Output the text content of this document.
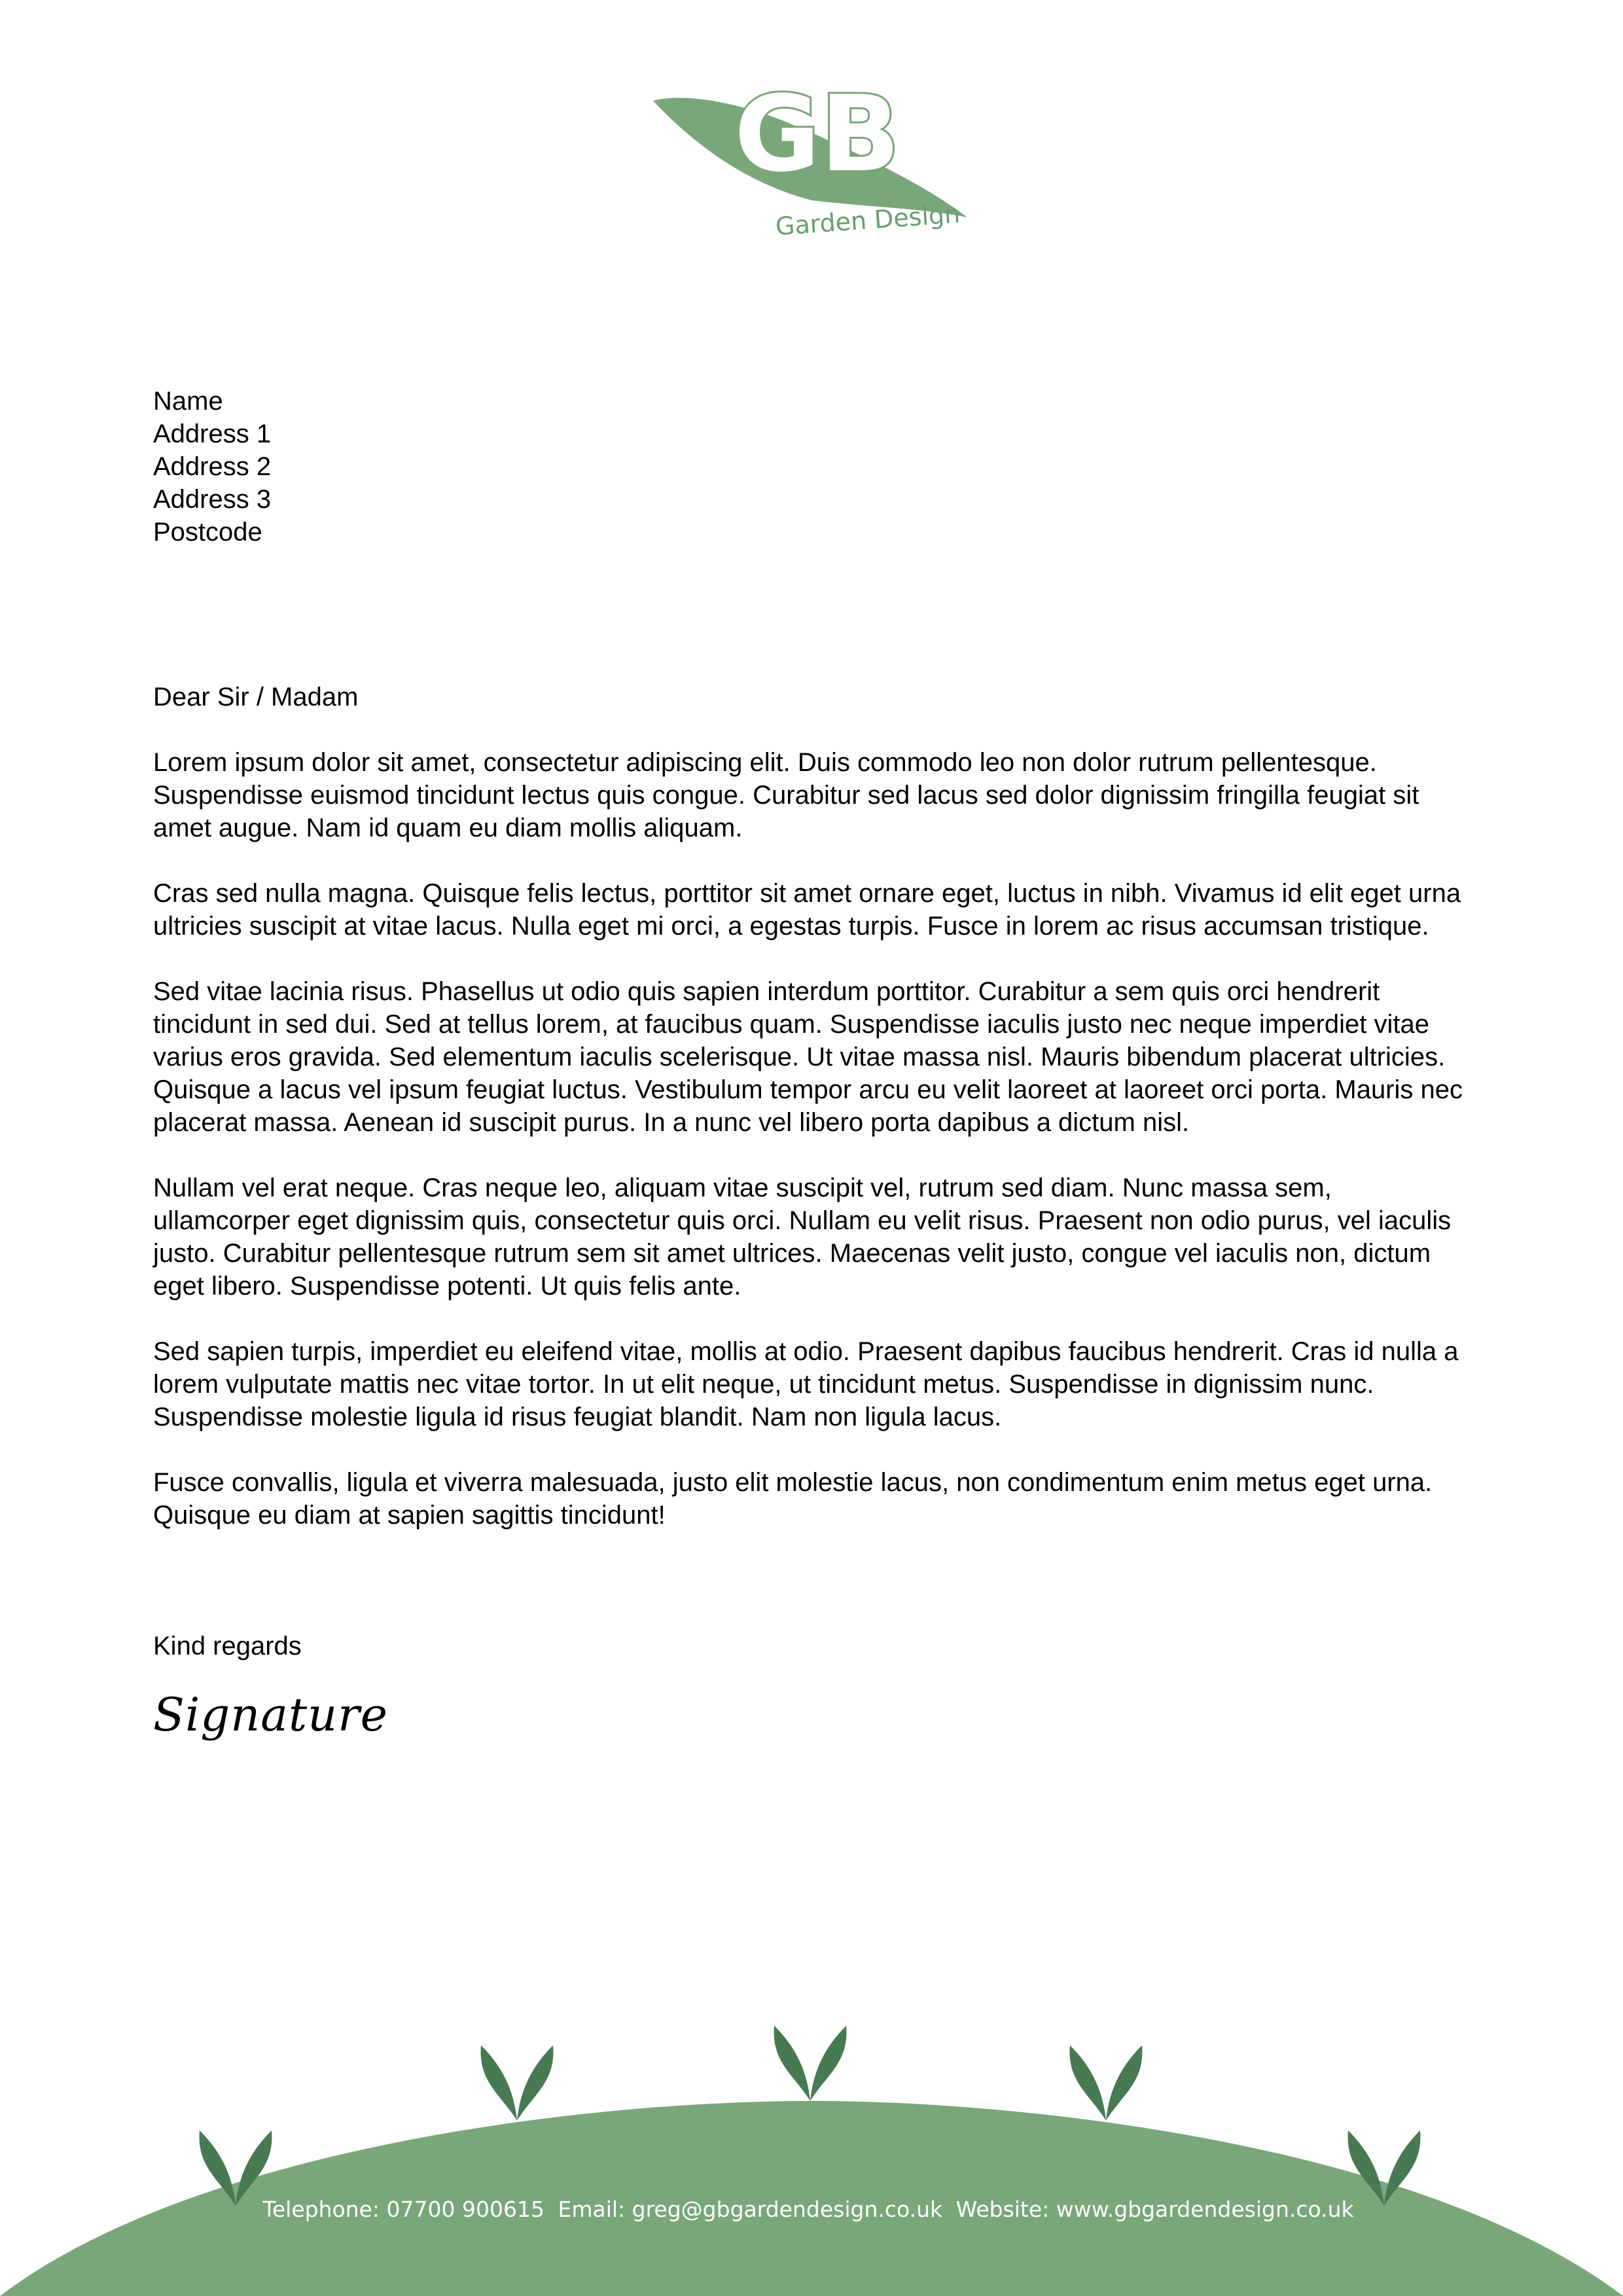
GB
Garden Design
Name
Address 1
Address 2
Address 3
Postcode
Dear Sir / Madam

Lorem ipsum dolor sit amet, consectetur adipiscing elit. Duis commodo leo non dolor rutrum pellentesque. Suspendisse euismod tincidunt lectus quis congue. Curabitur sed lacus sed dolor dignissim fringilla feugiat sit amet augue. Nam id quam eu diam mollis aliquam.

Cras sed nulla magna. Quisque felis lectus, porttitor sit amet ornare eget, luctus in nibh. Vivamus id elit eget urna ultricies suscipit at vitae lacus. Nulla eget mi orci, a egestas turpis. Fusce in lorem ac risus accumsan tristique.

Sed vitae lacinia risus. Phasellus ut odio quis sapien interdum porttitor. Curabitur a sem quis orci hendrerit tincidunt in sed dui. Sed at tellus lorem, at faucibus quam. Suspendisse iaculis justo nec neque imperdiet vitae varius eros gravida. Sed elementum iaculis scelerisque. Ut vitae massa nisl. Mauris bibendum placerat ultricies. Quisque a lacus vel ipsum feugiat luctus. Vestibulum tempor arcu eu velit laoreet at laoreet orci porta. Mauris nec placerat massa. Aenean id suscipit purus. In a nunc vel libero porta dapibus a dictum nisl.

Nullam vel erat neque. Cras neque leo, aliquam vitae suscipit vel, rutrum sed diam. Nunc massa sem, ullamcorper eget dignissim quis, consectetur quis orci. Nullam eu velit risus. Praesent non odio purus, vel iaculis justo. Curabitur pellentesque rutrum sem sit amet ultrices. Maecenas velit justo, congue vel iaculis non, dictum eget libero. Suspendisse potenti. Ut quis felis ante.

Sed sapien turpis, imperdiet eu eleifend vitae, mollis at odio. Praesent dapibus faucibus hendrerit. Cras id nulla a lorem vulputate mattis nec vitae tortor. In ut elit neque, ut tincidunt metus. Suspendisse in dignissim nunc. Suspendisse molestie ligula id risus feugiat blandit. Nam non ligula lacus.

Fusce convallis, ligula et viverra malesuada, justo elit molestie lacus, non condimentum enim metus eget urna. Quisque eu diam at sapien sagittis tincidunt!

Kind regards
Signature
Telephone: 07700 900615 Email: greg@gbgardendesign.co.uk Website: www.gbgardendesign.co.uk
